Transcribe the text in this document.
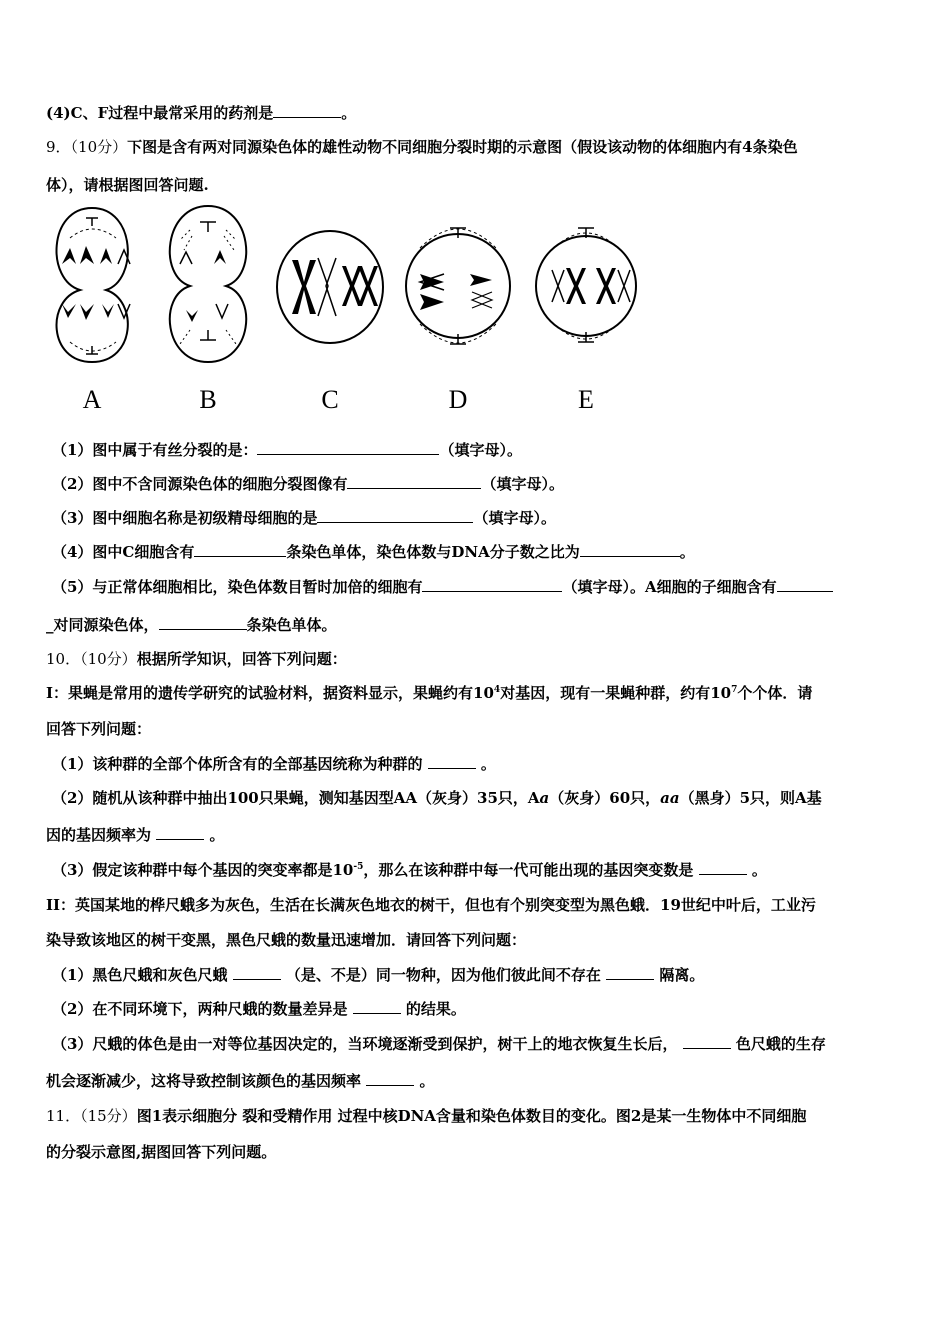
(4)C、F过程中最常采用的药剂是	。
9．（10分）下图是含有两对同源染色体的雄性动物不同细胞分裂时期的示意图（假设该动物的体细胞内有4条染色
体），请根据图回答问题.
A	B	C	D	E
（1）图中属于有丝分裂的是：	（填字母）。
（2）图中不含同源染色体的细胞分裂图像有	（填字母）。
（3）图中细胞名称是初级精母细胞的是	（填字母）。
（4）图中C细胞含有	条染色单体，染色体数与DNA分子数之比为	。
（5）与正常体细胞相比，染色体数目暂时加倍的细胞有	（填字母）。A细胞的子细胞含有
_对同源染色体，	条染色单体。
10．（10分）根据所学知识，回答下列问题：
I：果蝇是常用的遗传学研究的试验材料，据资料显示，果蝇约有$10^4$对基因，现有一果蝇种群，约有$10^7$个个体．请
回答下列问题：
（1）该种群的全部个体所含有的全部基因统称为种群的	。
（2）随机从该种群中抽出100只果蝇，测知基因型AA（灰身）35只，Aa（灰身）60只，aa（黑身）5只，则A基
因的基因频率为	。
（3）假定该种群中每个基因的突变率都是$10^{-5}$，那么在该种群中每一代可能出现的基因突变数是	。
II：英国某地的桦尺蛾多为灰色，生活在长满灰色地衣的树干，但也有个别突变型为黑色蛾．19世纪中叶后，工业污
染导致该地区的树干变黑，黑色尺蛾的数量迅速增加．请回答下列问题：
（1）黑色尺蛾和灰色尺蛾	（是、不是）同一物种，因为他们彼此间不存在	隔离。
（2）在不同环境下，两种尺蛾的数量差异是	的结果。
（3）尺蛾的体色是由一对等位基因决定的，当环境逐渐受到保护，树干上的地衣恢复生长后，	色尺蛾的生存
机会逐渐减少，这将导致控制该颜色的基因频率	。
11．（15分）图1表示细胞分 裂和受精作用 过程中核DNA含量和染色体数目的变化。图2是某一生物体中不同细胞
的分裂示意图,据图回答下列问题。
